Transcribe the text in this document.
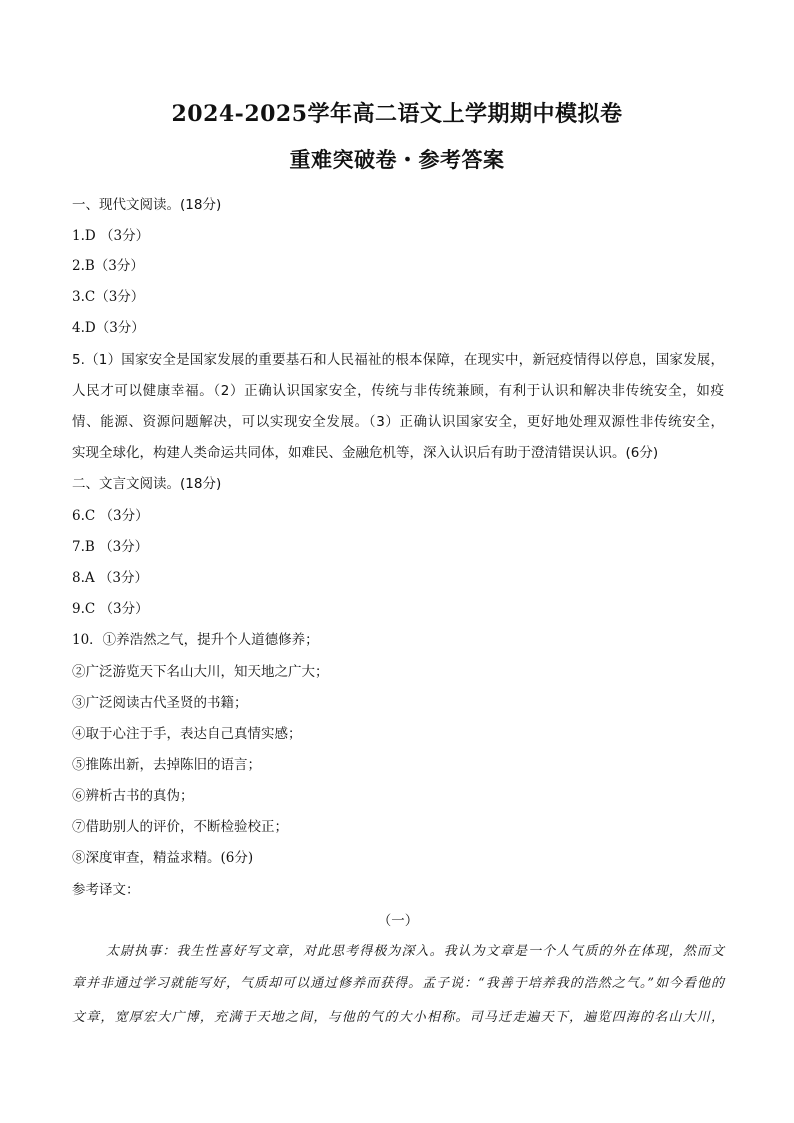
2024-2025学年高二语文上学期期中模拟卷
重难突破卷・参考答案
一、现代文阅读。(18分)
1.D （3分）
2.B（3分）
3.C（3分）
4.D（3分）
5.（1）国家安全是国家发展的重要基石和人民福祉的根本保障，在现实中，新冠疫情得以停息，国家发展，
人民才可以健康幸福。（2）正确认识国家安全，传统与非传统兼顾，有利于认识和解决非传统安全，如疫
情、能源、资源问题解决，可以实现安全发展。（3）正确认识国家安全，更好地处理双源性非传统安全，
实现全球化，构建人类命运共同体，如难民、金融危机等，深入认识后有助于澄清错误认识。(6分)
二、文言文阅读。(18分)
6.C （3分）
7.B （3分）
8.A （3分）
9.C （3分）
10．①养浩然之气，提升个人道德修养；
②广泛游览天下名山大川，知天地之广大；
③广泛阅读古代圣贤的书籍；
④取于心注于手，表达自己真情实感；
⑤推陈出新，去掉陈旧的语言；
⑥辨析古书的真伪；
⑦借助别人的评价，不断检验校正；
⑧深度审查，精益求精。(6分)
参考译文：
（一）
太尉执事：我生性喜好写文章，对此思考得极为深入。我认为文章是一个人气质的外在体现，然而文
章并非通过学习就能写好，气质却可以通过修养而获得。孟子说：“我善于培养我的浩然之气。”如今看他的
文章，宽厚宏大广博，充满于天地之间，与他的气的大小相称。司马迁走遍天下，遍览四海的名山大川，
